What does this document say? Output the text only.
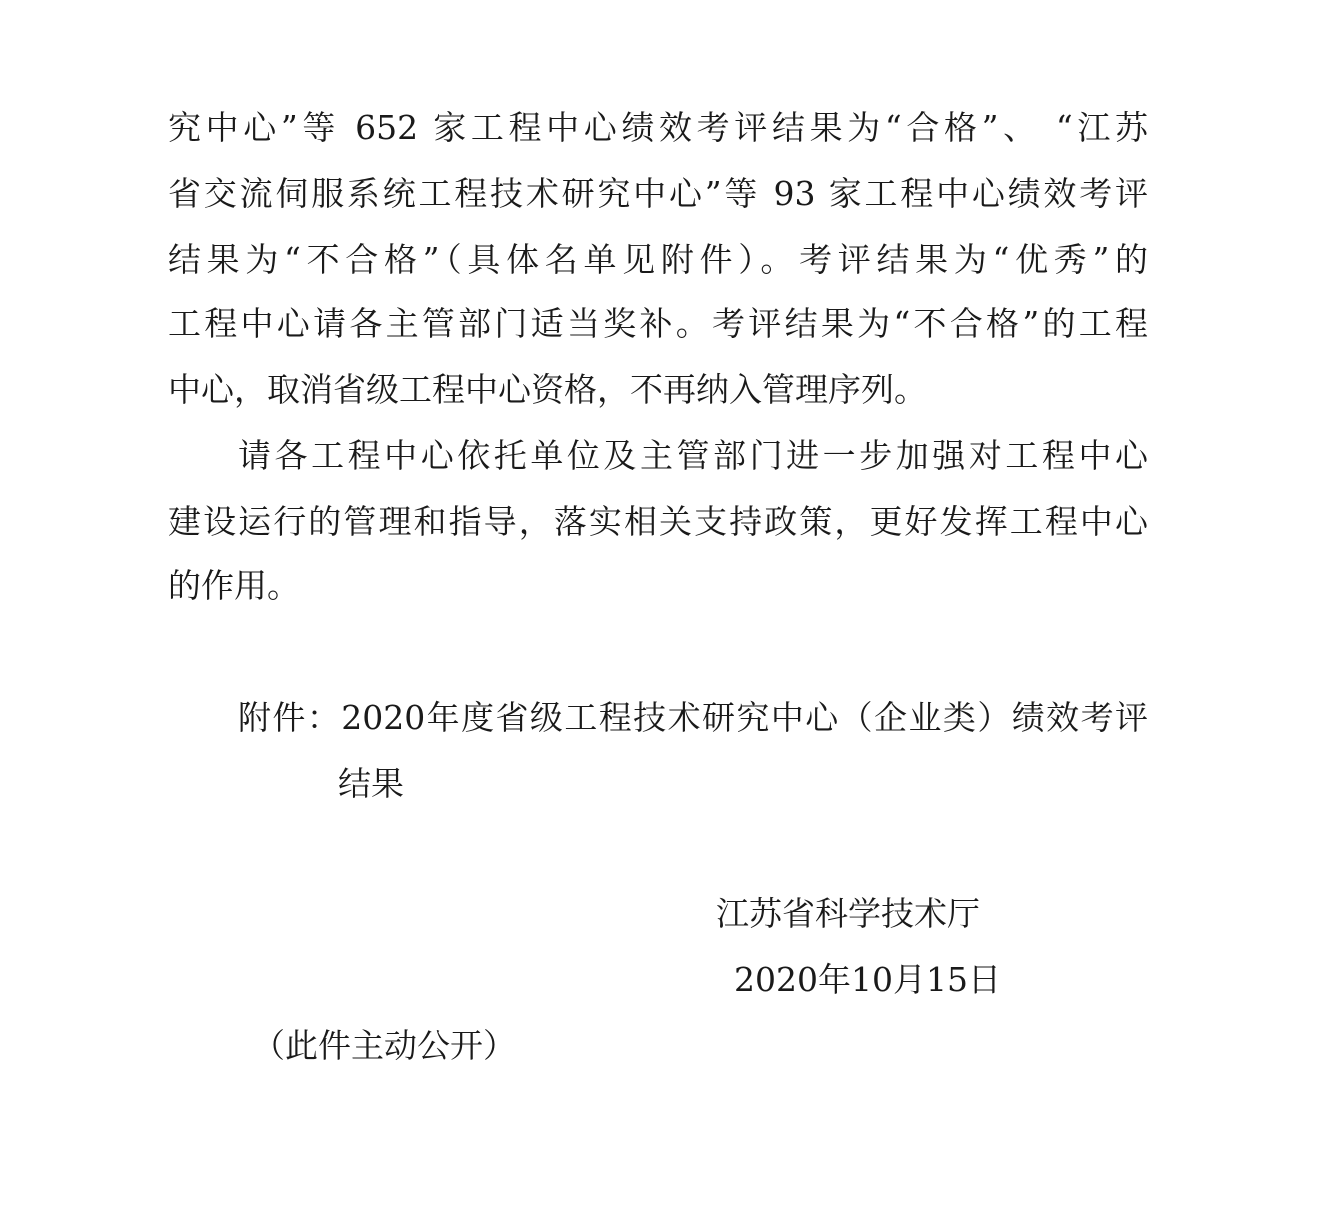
究中心”等 652 家工程中心绩效考评结果为“合格”、 “江苏
省交流伺服系统工程技术研究中心”等 93 家工程中心绩效考评
结果为“不合格”（具体名单见附件）。考评结果为“优秀”的
工程中心请各主管部门适当奖补。考评结果为“不合格”的工程
中心，取消省级工程中心资格，不再纳入管理序列。
请各工程中心依托单位及主管部门进一步加强对工程中心
建设运行的管理和指导，落实相关支持政策，更好发挥工程中心
的作用。
附件：2020年度省级工程技术研究中心（企业类）绩效考评
结果
江苏省科学技术厅
2020年10月15日
（此件主动公开）
